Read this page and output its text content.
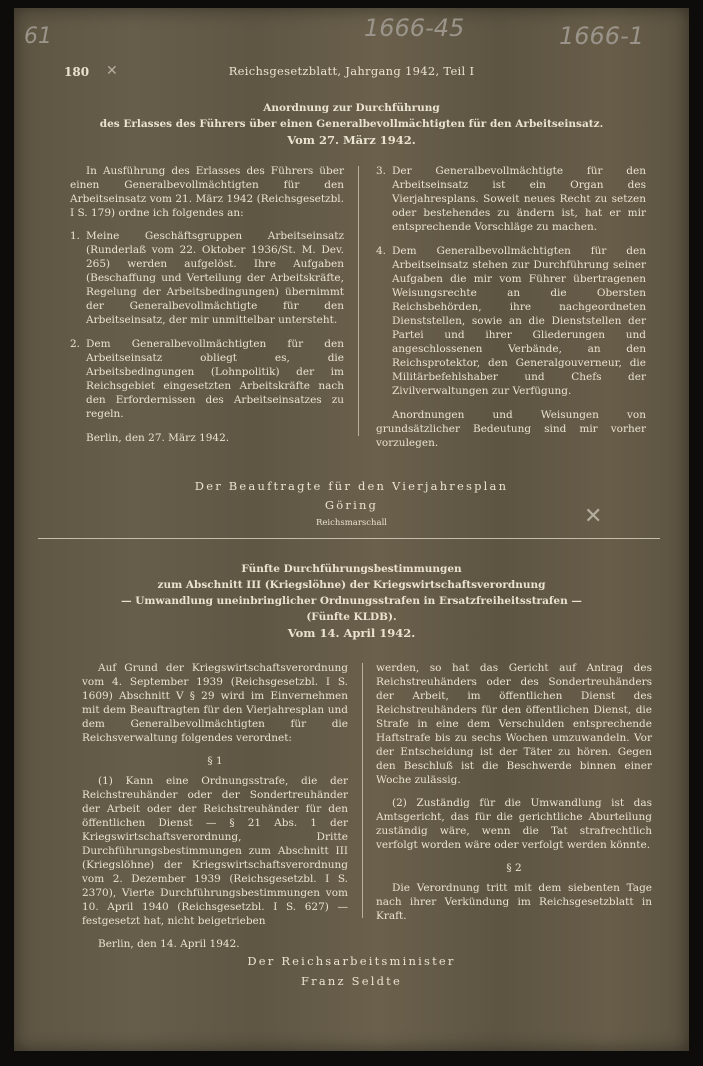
61	1666-45	1666-1
180 ✕	Reichsgesetzblatt, Jahrgang 1942, Teil I
Anordnung zur Durchführung
des Erlasses des Führers über einen Generalbevollmächtigten für den Arbeitseinsatz.
Vom 27. März 1942.

In Ausführung des Erlasses des Führers über einen Generalbevollmächtigten für den Arbeitseinsatz vom 21. März 1942 (Reichsgesetzbl. I S. 179) ordne ich folgendes an:

1. Meine Geschäftsgruppen Arbeitseinsatz (Runderlaß vom 22. Oktober 1936/St. M. Dev. 265) werden aufgelöst. Ihre Aufgaben (Beschaffung und Verteilung der Arbeitskräfte, Regelung der Arbeitsbedingungen) übernimmt der Generalbevollmächtigte für den Arbeitseinsatz, der mir unmittelbar untersteht.
2. Dem Generalbevollmächtigten für den Arbeitseinsatz obliegt es, die Arbeitsbedingungen (Lohnpolitik) der im Reichsgebiet eingesetzten Arbeitskräfte nach den Erfordernissen des Arbeitseinsatzes zu regeln.

Berlin, den 27. März 1942.

3. Der Generalbevollmächtigte für den Arbeitseinsatz ist ein Organ des Vierjahresplans. Soweit neues Recht zu setzen oder bestehendes zu ändern ist, hat er mir entsprechende Vorschläge zu machen.
4. Dem Generalbevollmächtigten für den Arbeitseinsatz stehen zur Durchführung seiner Aufgaben die mir vom Führer übertragenen Weisungsrechte an die Obersten Reichsbehörden, ihre nachgeordneten Dienststellen, sowie an die Dienststellen der Partei und ihrer Gliederungen und angeschlossenen Verbände, an den Reichsprotektor, den Generalgouverneur, die Militärbefehlshaber und Chefs der Zivilverwaltungen zur Verfügung.

Anordnungen und Weisungen von grundsätzlicher Bedeutung sind mir vorher vorzulegen.

Der Beauftragte für den Vierjahresplan
Göring
Reichsmarschall	✕
Fünfte Durchführungsbestimmungen
zum Abschnitt III (Kriegslöhne) der Kriegswirtschaftsverordnung
— Umwandlung uneinbringlicher Ordnungsstrafen in Ersatzfreiheitsstrafen —
(Fünfte KLDB).
Vom 14. April 1942.

Auf Grund der Kriegswirtschaftsverordnung vom 4. September 1939 (Reichsgesetzbl. I S. 1609) Abschnitt V § 29 wird im Einvernehmen mit dem Beauftragten für den Vierjahresplan und dem Generalbevollmächtigten für die Reichsverwaltung folgendes verordnet:

§ 1

(1) Kann eine Ordnungsstrafe, die der Reichstreuhänder oder der Sondertreuhänder der Arbeit oder der Reichstreuhänder für den öffentlichen Dienst — § 21 Abs. 1 der Kriegswirtschaftsverordnung, Dritte Durchführungsbestimmungen zum Abschnitt III (Kriegslöhne) der Kriegswirtschaftsverordnung vom 2. Dezember 1939 (Reichsgesetzbl. I S. 2370), Vierte Durchführungsbestimmungen vom 10. April 1940 (Reichsgesetzbl. I S. 627) — festgesetzt hat, nicht beigetrieben

Berlin, den 14. April 1942.

werden, so hat das Gericht auf Antrag des Reichstreuhänders oder des Sondertreuhänders der Arbeit, im öffentlichen Dienst des Reichstreuhänders für den öffentlichen Dienst, die Strafe in eine dem Verschulden entsprechende Haftstrafe bis zu sechs Wochen umzuwandeln. Vor der Entscheidung ist der Täter zu hören. Gegen den Beschluß ist die Beschwerde binnen einer Woche zulässig.

(2) Zuständig für die Umwandlung ist das Amtsgericht, das für die gerichtliche Aburteilung zuständig wäre, wenn die Tat strafrechtlich verfolgt worden wäre oder verfolgt werden könnte.

§ 2

Die Verordnung tritt mit dem siebenten Tage nach ihrer Verkündung im Reichsgesetzblatt in Kraft.

Der Reichsarbeitsminister
Franz Seldte
